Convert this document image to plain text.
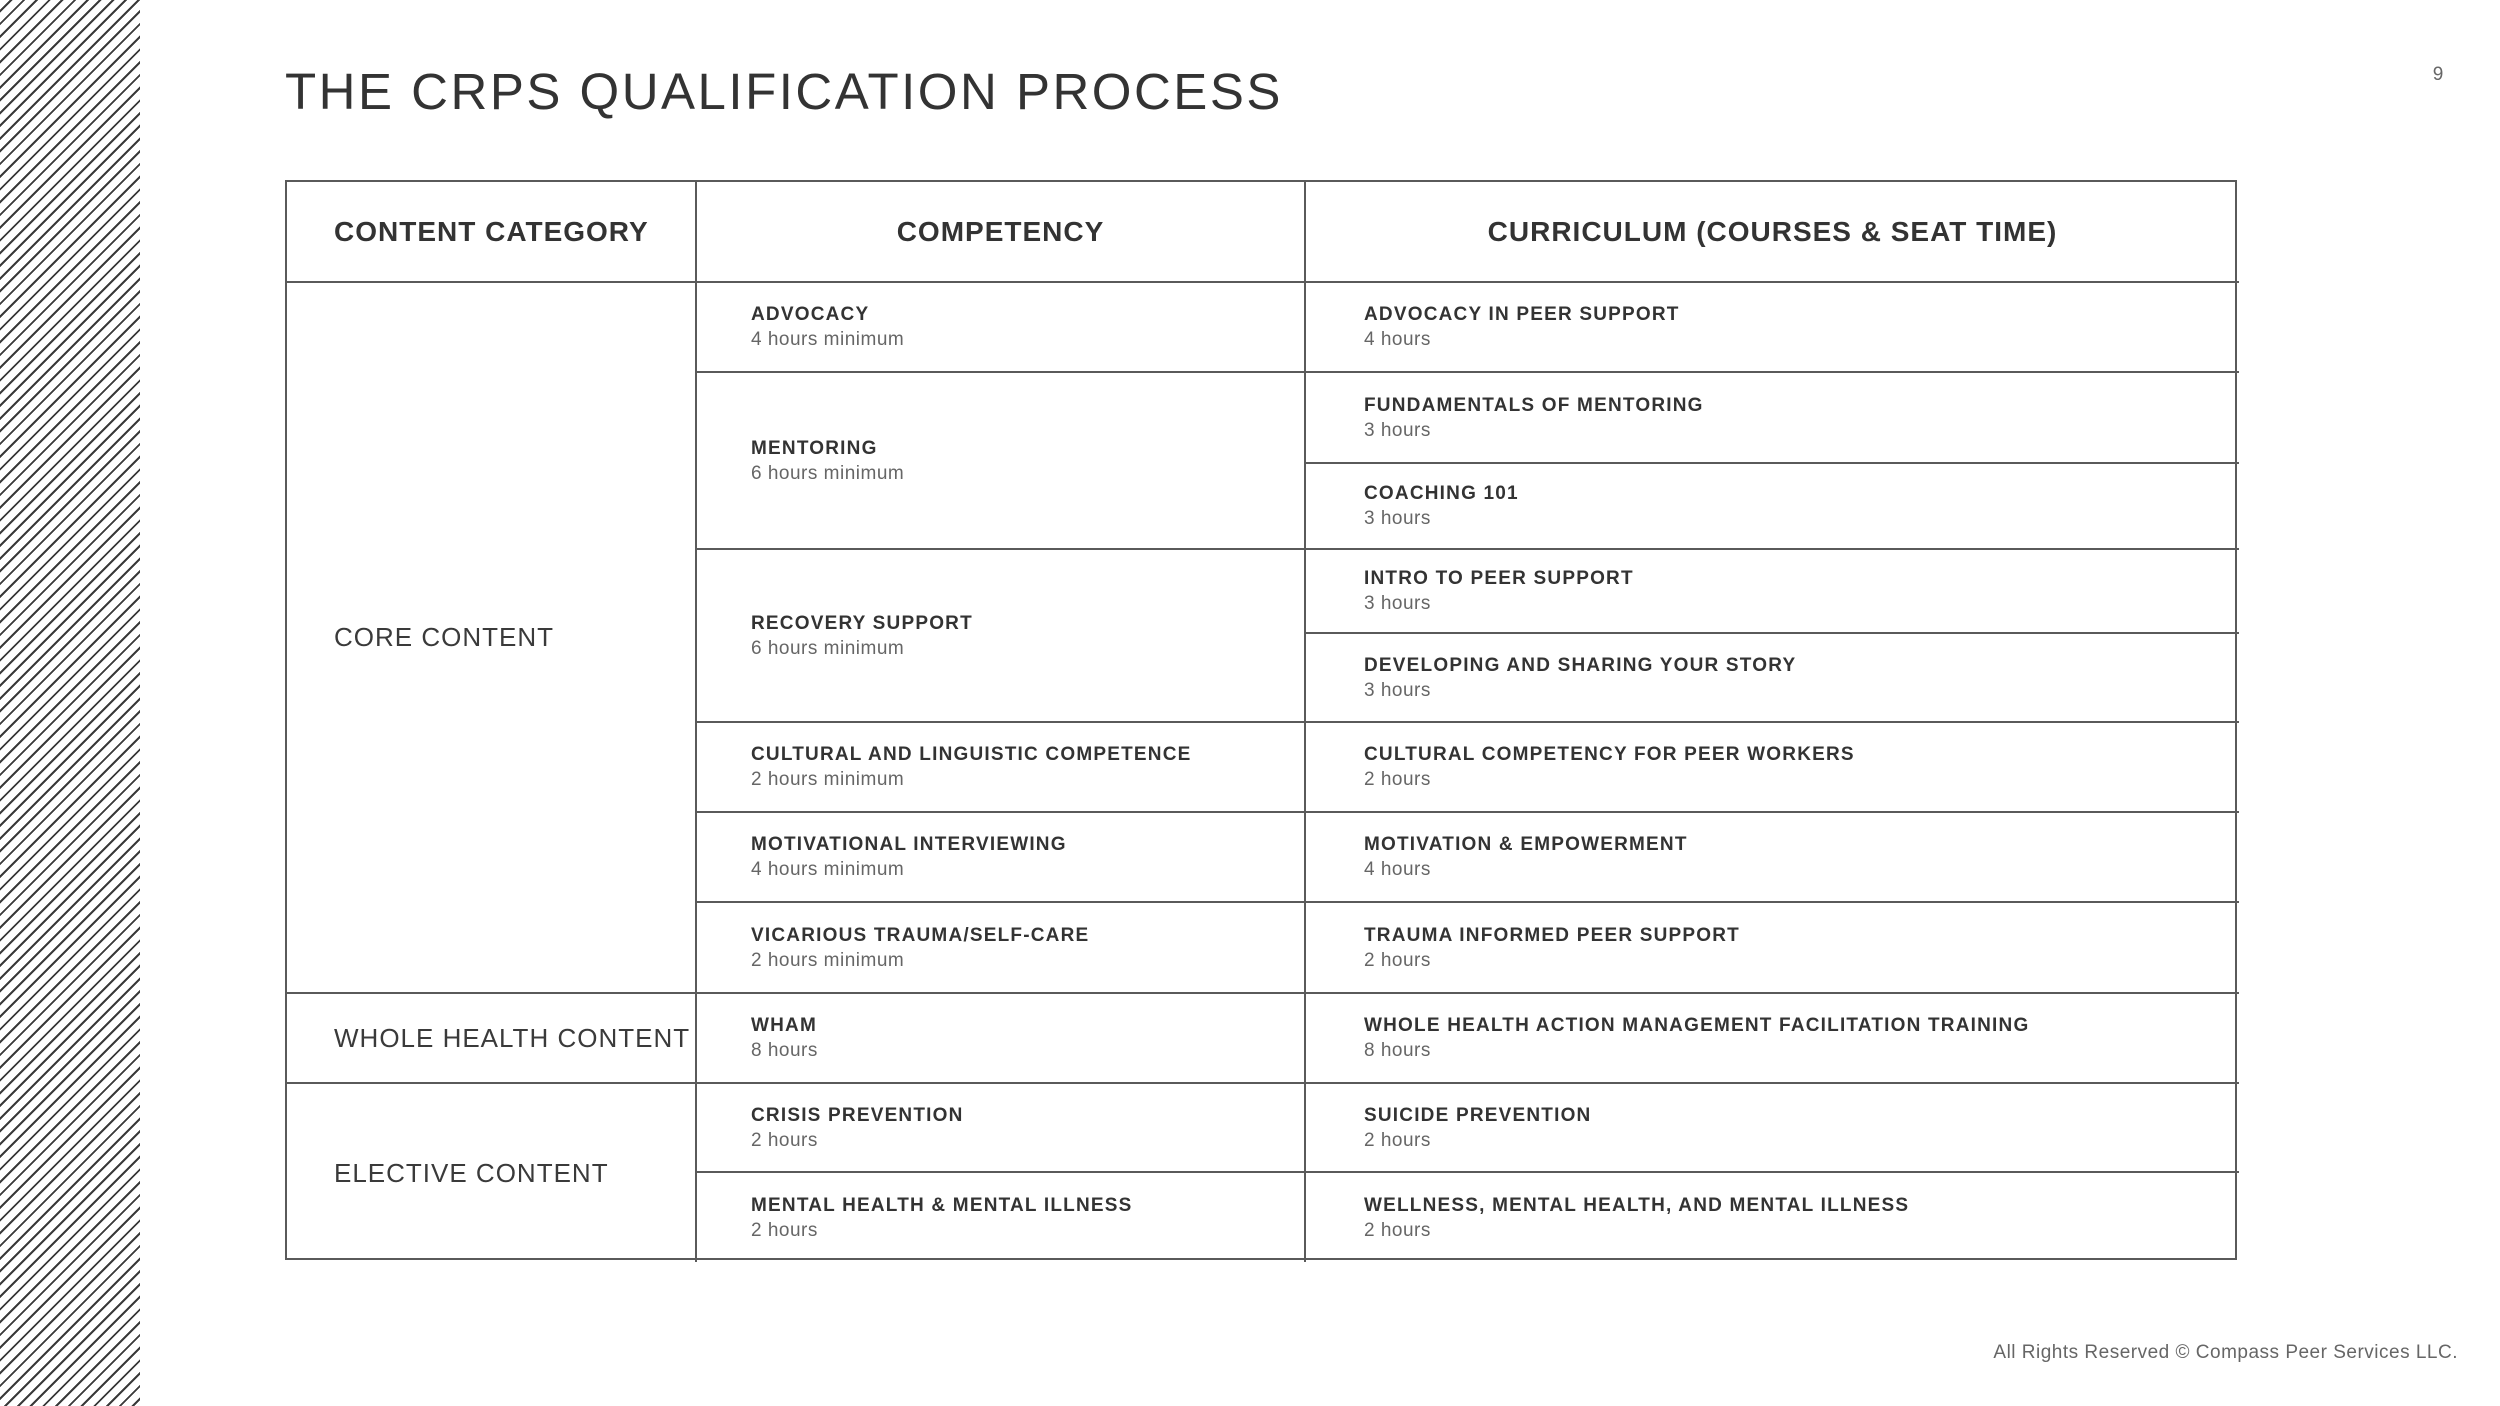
9
THE CRPS QUALIFICATION PROCESS
CONTENT CATEGORY	COMPETENCY	CURRICULUM (COURSES & SEAT TIME)
CORE CONTENT
WHOLE HEALTH CONTENT
ELECTIVE CONTENT
ADVOCACY
4 hours minimum
MENTORING
6 hours minimum
RECOVERY SUPPORT
6 hours minimum
CULTURAL AND LINGUISTIC COMPETENCE
2 hours minimum
MOTIVATIONAL INTERVIEWING
4 hours minimum
VICARIOUS TRAUMA/SELF-CARE
2 hours minimum
WHAM
8 hours
CRISIS PREVENTION
2 hours
MENTAL HEALTH & MENTAL ILLNESS
2 hours
ADVOCACY IN PEER SUPPORT
4 hours
FUNDAMENTALS OF MENTORING
3 hours
COACHING 101
3 hours
INTRO TO PEER SUPPORT
3 hours
DEVELOPING AND SHARING YOUR STORY
3 hours
CULTURAL COMPETENCY FOR PEER WORKERS
2 hours
MOTIVATION & EMPOWERMENT
4 hours
TRAUMA INFORMED PEER SUPPORT
2 hours
WHOLE HEALTH ACTION MANAGEMENT FACILITATION TRAINING
8 hours
SUICIDE PREVENTION
2 hours
WELLNESS, MENTAL HEALTH, AND MENTAL ILLNESS
2 hours
All Rights Reserved © Compass Peer Services LLC.
